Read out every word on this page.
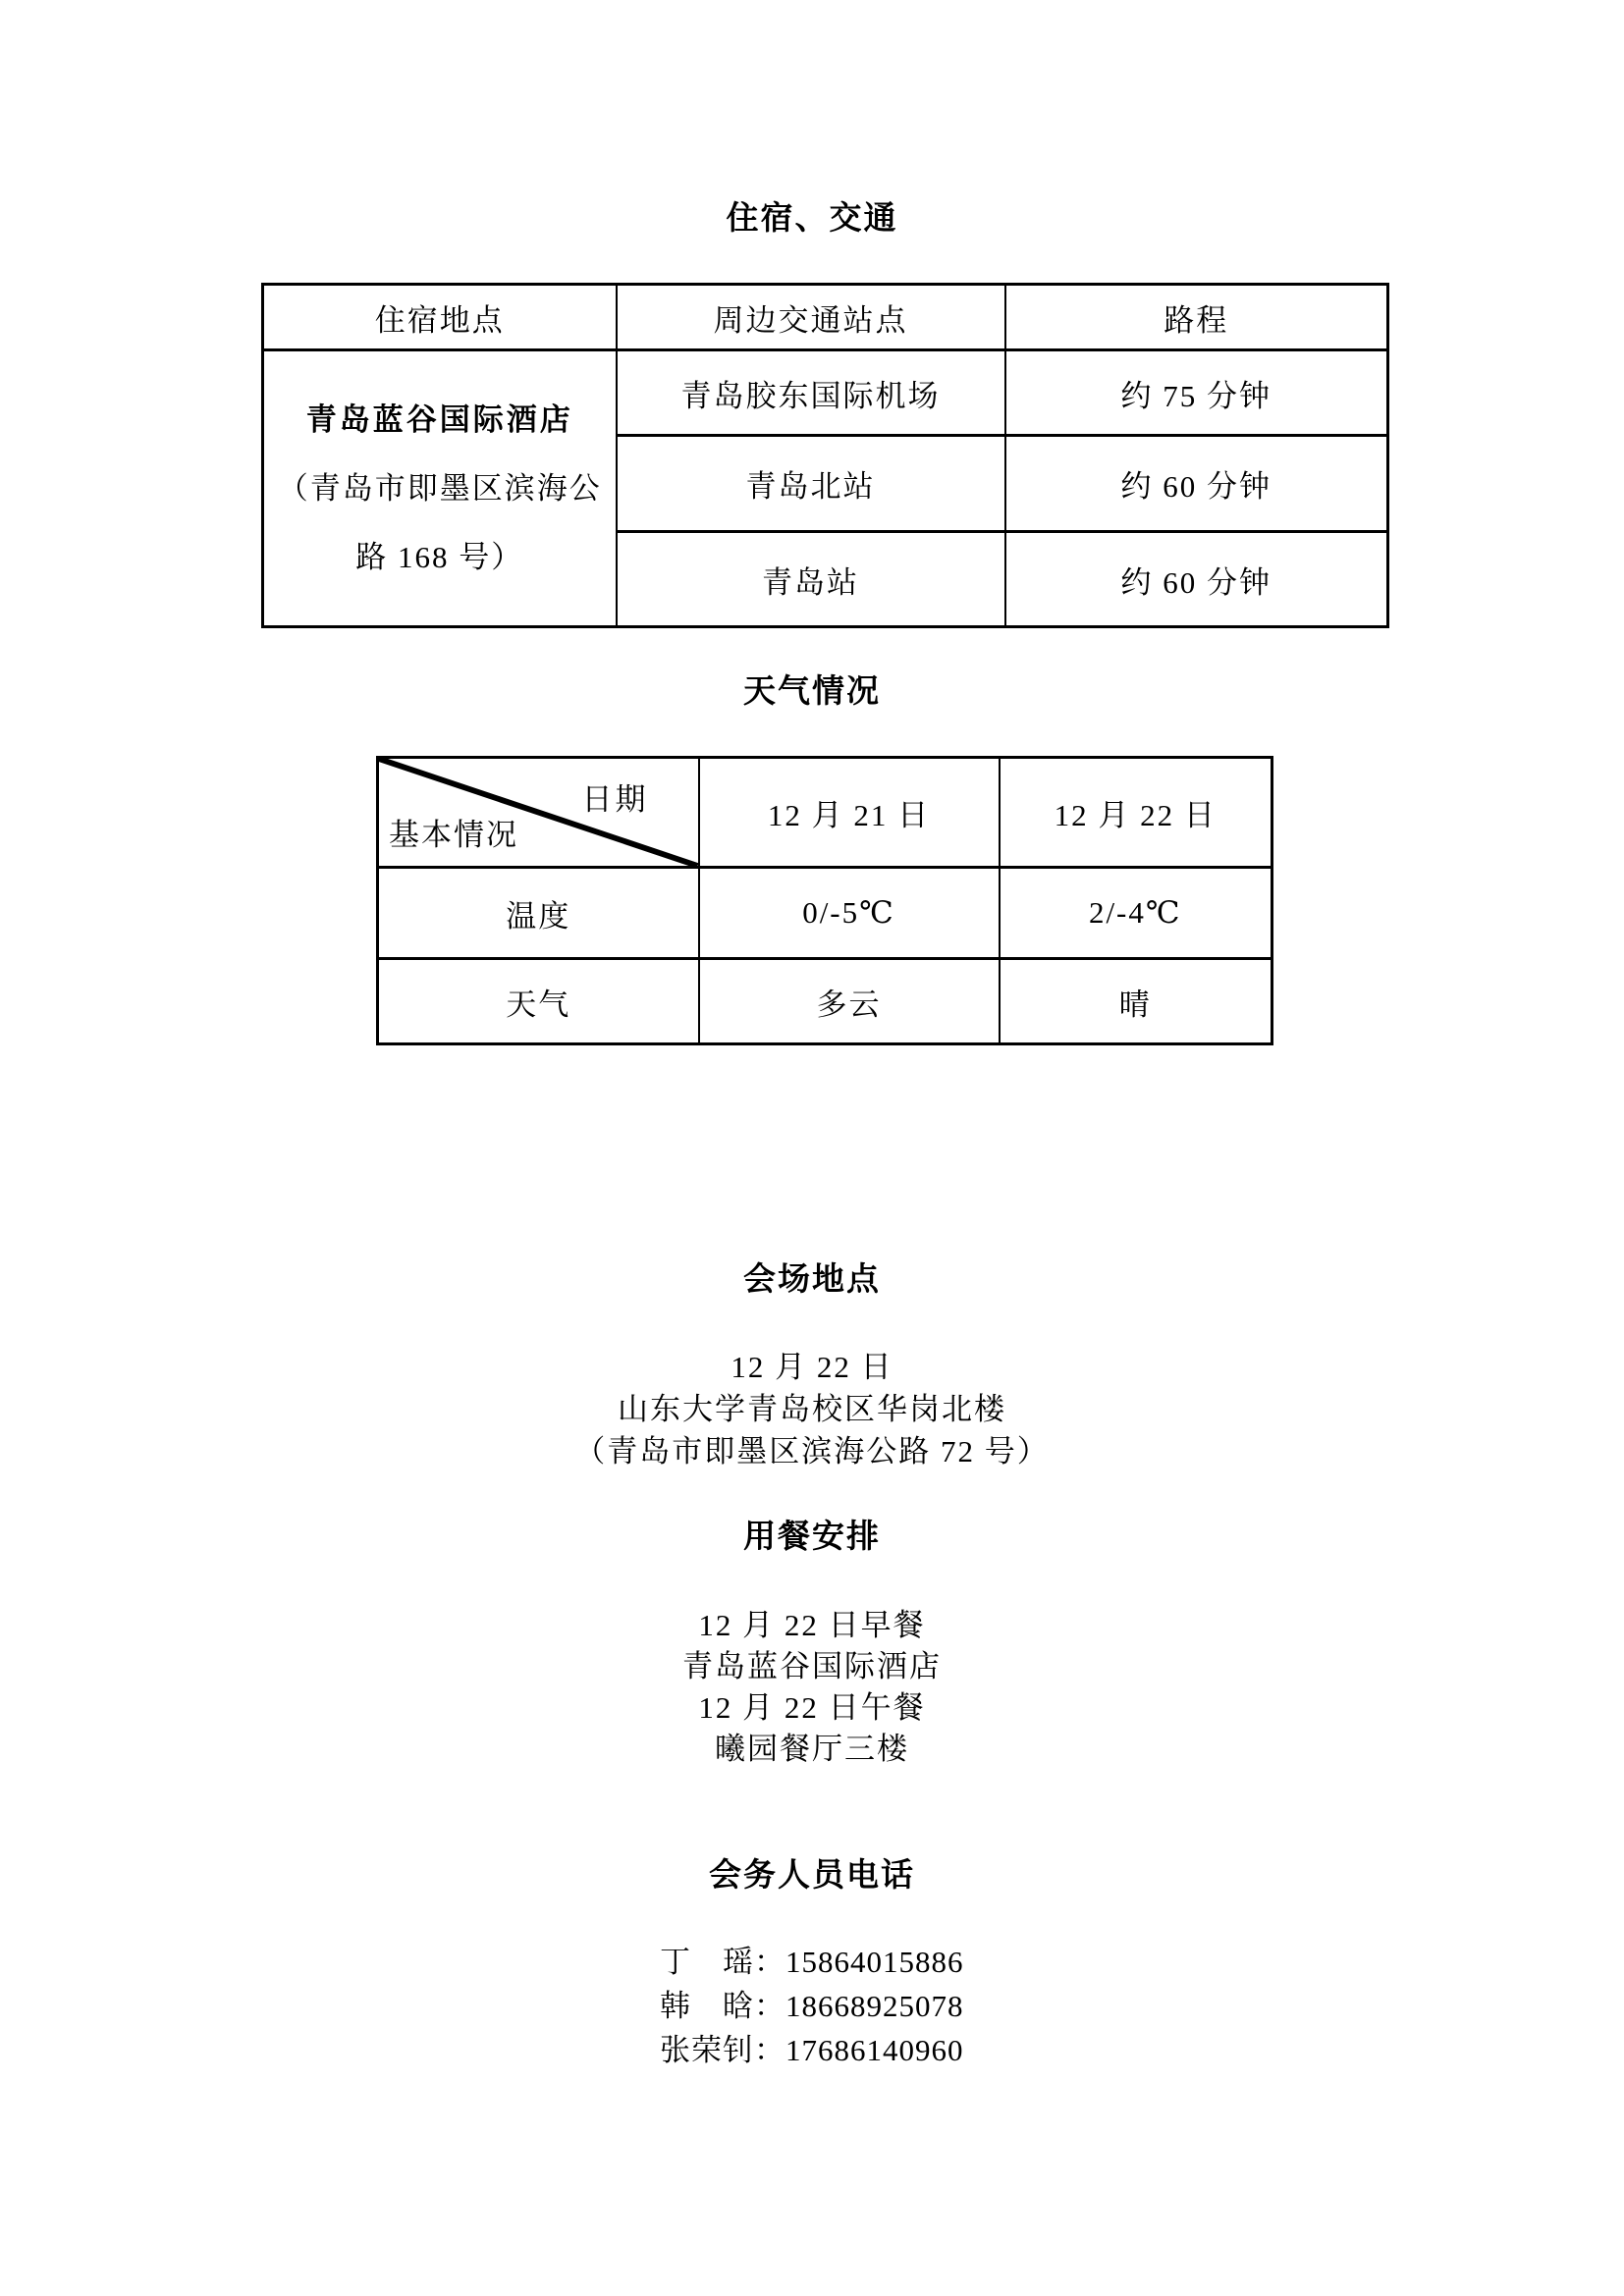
住宿、交通
住宿地点	周边交通站点	路程

青岛蓝谷国际酒店
（青岛市即墨区滨海公
路 168 号）	青岛胶东国际机场	约 75 分钟
	青岛北站	约 60 分钟
	青岛站	约 60 分钟
天气情况
日期
基本情况	12 月 21 日	12 月 22 日
温度	0/-5℃	2/-4℃
天气	多云	晴
会场地点
12 月 22 日
山东大学青岛校区华岗北楼
（青岛市即墨区滨海公路 72 号）
用餐安排
12 月 22 日早餐
青岛蓝谷国际酒店
12 月 22 日午餐
曦园餐厅三楼
会务人员电话
丁　瑶：15864015886
韩　晗：18668925078
张荣钊：17686140960
